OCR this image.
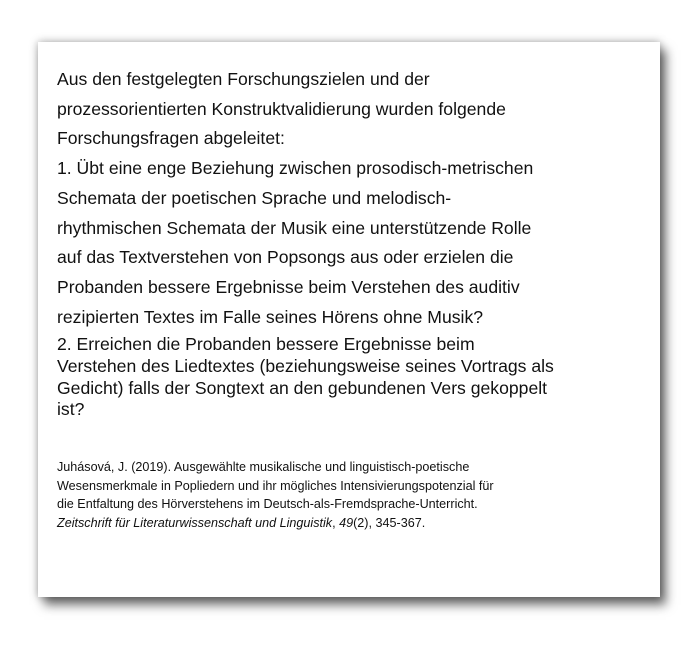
Aus den festgelegten Forschungszielen und der
prozessorientierten Konstruktvalidierung wurden folgende
Forschungsfragen abgeleitet:
1. Übt eine enge Beziehung zwischen prosodisch-metrischen
Schemata der poetischen Sprache und melodisch-
rhythmischen Schemata der Musik eine unterstützende Rolle
auf das Textverstehen von Popsongs aus oder erzielen die
Probanden bessere Ergebnisse beim Verstehen des auditiv
rezipierten Textes im Falle seines Hörens ohne Musik?
2. Erreichen die Probanden bessere Ergebnisse beim
Verstehen des Liedtextes (beziehungsweise seines Vortrags als
Gedicht) falls der Songtext an den gebundenen Vers gekoppelt
ist?
Juhásová, J. (2019). Ausgewählte musikalische und linguistisch-poetische
Wesensmerkmale in Popliedern und ihr mögliches Intensivierungspotenzial für
die Entfaltung des Hörverstehens im Deutsch-als-Fremdsprache-Unterricht.
Zeitschrift für Literaturwissenschaft und Linguistik, 49(2), 345-367.
